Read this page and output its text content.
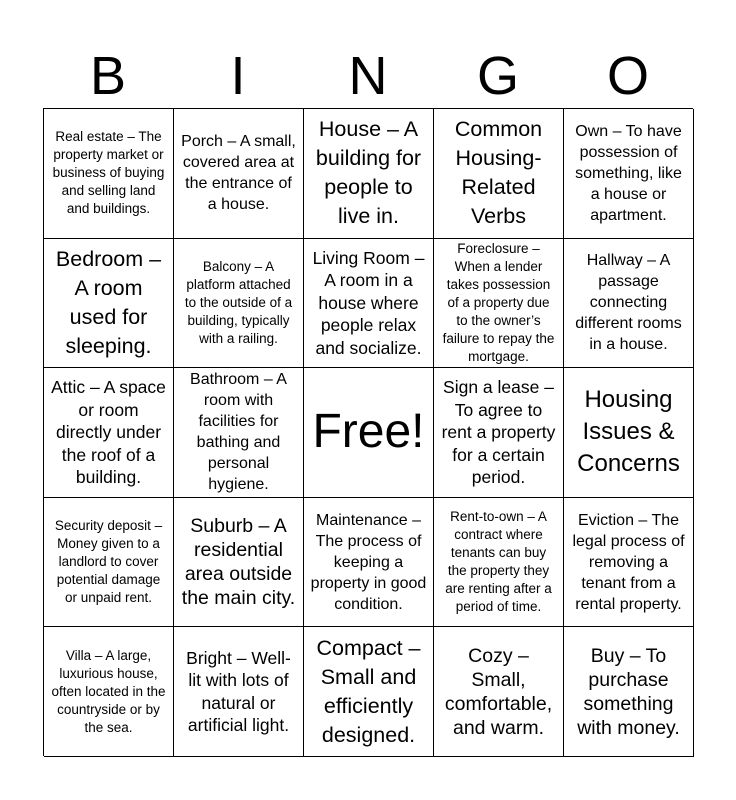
B	I	N	G	O
Real estate – The property market or business of buying and selling land and buildings.
Porch – A small, covered area at the entrance of a house.
House – A building for people to live in.
Common Housing-Related Verbs
Own – To have possession of something, like a house or apartment.
Bedroom – A room used for sleeping.
Balcony – A platform attached to the outside of a building, typically with a railing.
Living Room – A room in a house where people relax and socialize.
Foreclosure – When a lender takes possession of a property due to the owner’s failure to repay the mortgage.
Hallway – A passage connecting different rooms in a house.
Attic – A space or room directly under the roof of a building.
Bathroom – A room with facilities for bathing and personal hygiene.
Free!
Sign a lease – To agree to rent a property for a certain period.
Housing Issues & Concerns
Security deposit – Money given to a landlord to cover potential damage or unpaid rent.
Suburb – A residential area outside the main city.
Maintenance – The process of keeping a property in good condition.
Rent-to-own – A contract where tenants can buy the property they are renting after a period of time.
Eviction – The legal process of removing a tenant from a rental property.
Villa – A large, luxurious house, often located in the countryside or by the sea.
Bright – Well-lit with lots of natural or artificial light.
Compact – Small and efficiently designed.
Cozy – Small, comfortable, and warm.
Buy – To purchase something with money.
